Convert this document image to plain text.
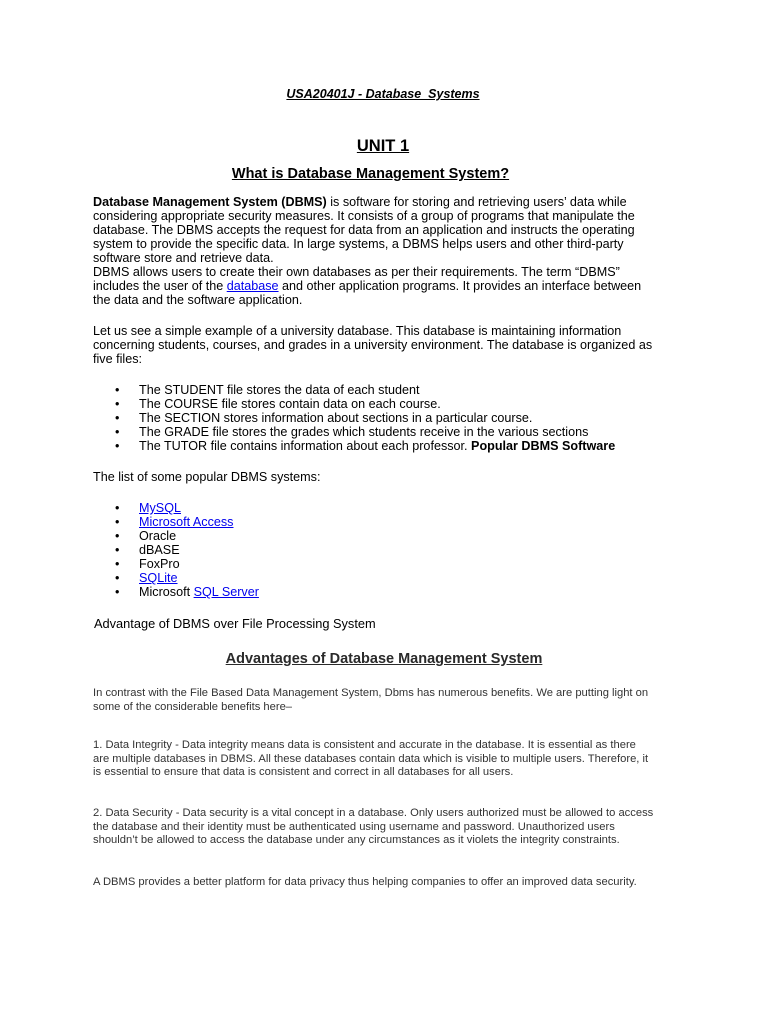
USA20401J - Database  Systems
UNIT 1
What is Database Management System?
Database Management System (DBMS) is software for storing and retrieving users’ data while
considering appropriate security measures. It consists of a group of programs that manipulate the
database. The DBMS accepts the request for data from an application and instructs the operating
system to provide the specific data. In large systems, a DBMS helps users and other third-party
software store and retrieve data.
DBMS allows users to create their own databases as per their requirements. The term “DBMS”
includes the user of the database and other application programs. It provides an interface between
the data and the software application.
Let us see a simple example of a university database. This database is maintaining information
concerning students, courses, and grades in a university environment. The database is organized as
five files:
• The STUDENT file stores the data of each student
• The COURSE file stores contain data on each course.
• The SECTION stores information about sections in a particular course.
• The GRADE file stores the grades which students receive in the various sections
• The TUTOR file contains information about each professor. Popular DBMS Software
The list of some popular DBMS systems:
• MySQL
• Microsoft Access
• Oracle
• dBASE
• FoxPro
• SQLite
• Microsoft SQL Server
Advantage of DBMS over File Processing System
Advantages of Database Management System
In contrast with the File Based Data Management System, Dbms has numerous benefits. We are putting light on
some of the considerable benefits here–
1. Data Integrity - Data integrity means data is consistent and accurate in the database. It is essential as there
are multiple databases in DBMS. All these databases contain data which is visible to multiple users. Therefore, it
is essential to ensure that data is consistent and correct in all databases for all users.
2. Data Security - Data security is a vital concept in a database. Only users authorized must be allowed to access
the database and their identity must be authenticated using username and password. Unauthorized users
shouldn’t be allowed to access the database under any circumstances as it violets the integrity constraints.
A DBMS provides a better platform for data privacy thus helping companies to offer an improved data security.
